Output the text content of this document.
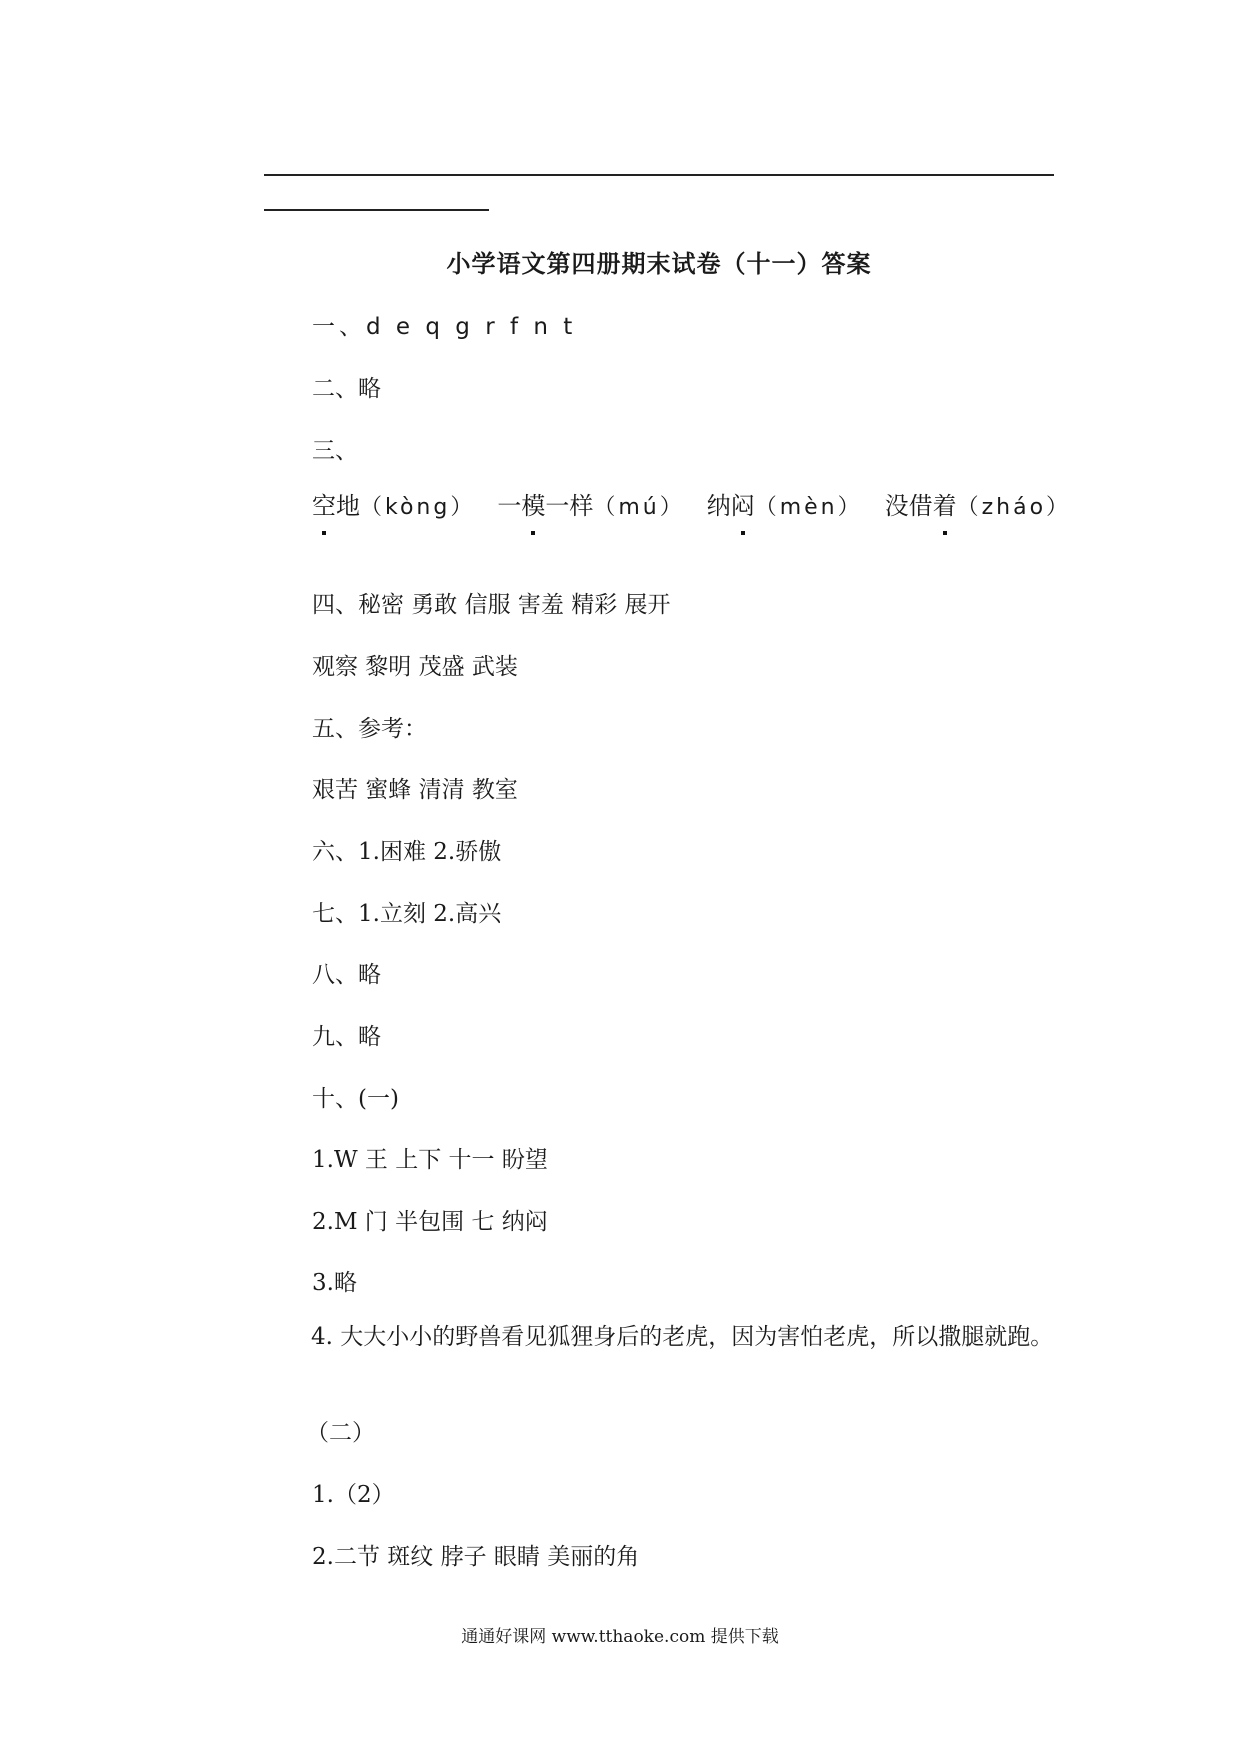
小学语文第四册期末试卷（十一）答案
一、d e q g r f n t
二、略
三、
空地
（kòng） 一模一样
（mú） 纳闷
（mèn） 没借着
（zháo）
四、秘密 勇敢 信服 害羞 精彩 展开
观察 黎明 茂盛 武装
五、参考：
艰苦 蜜蜂 清清 教室
六、1.困难 2.骄傲
七、1.立刻 2.高兴
八、略
九、略
十、(一)
1.W 王 上下 十一 盼望
2.M 门 半包围 七 纳闷
3.略
4. 大大小小的野兽看见狐狸身后的老虎，因为害怕老虎，所以撒腿就跑。
（二）
1.（2）
2.二节 斑纹 脖子 眼睛 美丽的角
通通好课网 www.tthaoke.com 提供下载
